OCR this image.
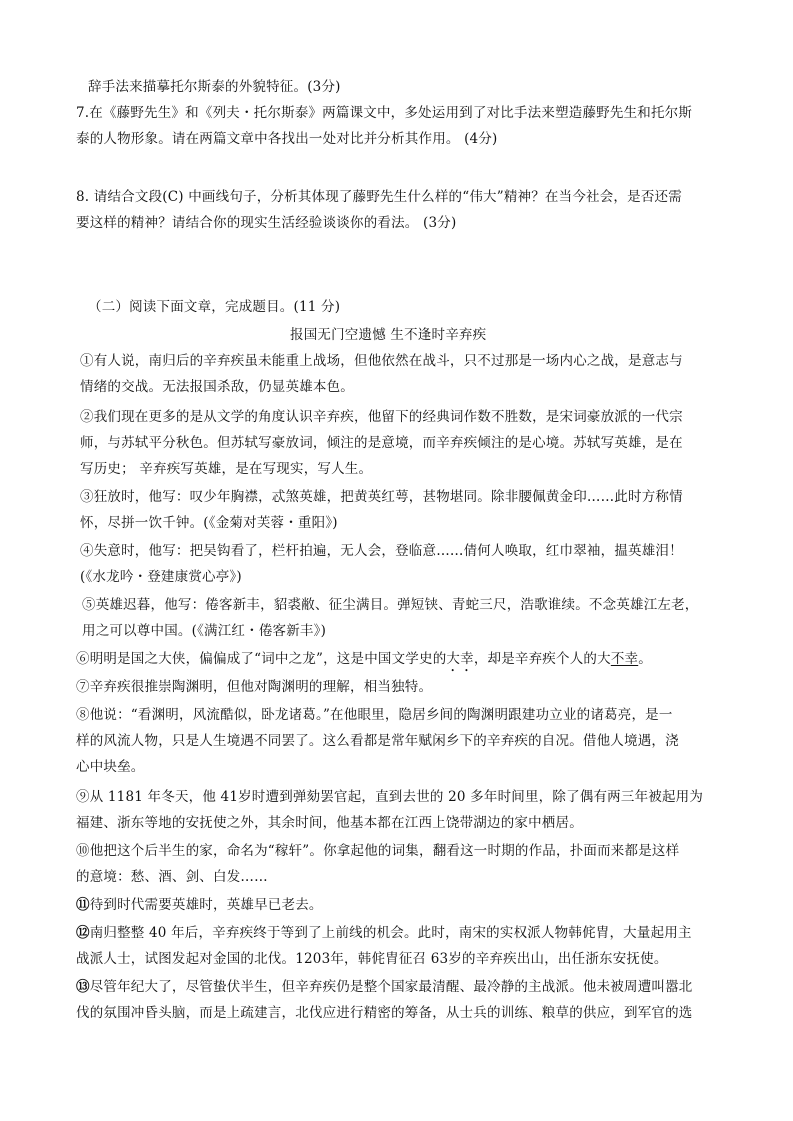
辞手法来描摹托尔斯泰的外貌特征。(3分)
7.在《藤野先生》和《列夫・托尔斯泰》两篇课文中，多处运用到了对比手法来塑造藤野先生和托尔斯
泰的人物形象。请在两篇文章中各找出一处对比并分析其作用。 (4分)
8. 请结合文段(C) 中画线句子，分析其体现了藤野先生什么样的“伟大”精神？在当今社会，是否还需
要这样的精神？请结合你的现实生活经验谈谈你的看法。 (3分)
（二）阅读下面文章，完成题目。(11 分)
报国无门空遗憾 生不逢时辛弃疾
①有人说，南归后的辛弃疾虽未能重上战场，但他依然在战斗，只不过那是一场内心之战，是意志与
情绪的交战。无法报国杀敌，仍显英雄本色。
②我们现在更多的是从文学的角度认识辛弃疾，他留下的经典词作数不胜数，是宋词豪放派的一代宗
师，与苏轼平分秋色。但苏轼写豪放词，倾注的是意境，而辛弃疾倾注的是心境。苏轼写英雄，是在
写历史； 辛弃疾写英雄，是在写现实，写人生。
③狂放时，他写：叹少年胸襟，忒煞英雄，把黄英红萼，甚物堪同。除非腰佩黄金印……此时方称情
怀，尽拼一饮千钟。(《金菊对芙蓉・重阳》)
④失意时，他写：把吴钩看了，栏杆拍遍，无人会，登临意……倩何人唤取，红巾翠袖，揾英雄泪！
(《水龙吟・登建康赏心亭》)
⑤英雄迟暮，他写：倦客新丰，貂裘敝、征尘满目。弹短铗、青蛇三尺，浩歌谁续。不念英雄江左老，
用之可以尊中国。(《满江红・倦客新丰》)
⑥明明是国之大侠，偏偏成了“词中之龙”，这是中国文学史的大幸，却是辛弃疾个人的大不幸。
⑦辛弃疾很推崇陶渊明，但他对陶渊明的理解，相当独特。
⑧他说：“看渊明，风流酷似，卧龙诸葛。”在他眼里，隐居乡间的陶渊明跟建功立业的诸葛亮，是一
样的风流人物，只是人生境遇不同罢了。这么看都是常年赋闲乡下的辛弃疾的自况。借他人境遇，浇
心中块垒。
⑨从 1181 年冬天，他 41岁时遭到弹劾罢官起，直到去世的 20 多年时间里，除了偶有两三年被起用为
福建、浙东等地的安抚使之外，其余时间，他基本都在江西上饶带湖边的家中栖居。
⑩他把这个后半生的家，命名为“稼轩”。你拿起他的词集，翻看这一时期的作品，扑面而来都是这样
的意境：愁、酒、剑、白发……
⑪待到时代需要英雄时，英雄早已老去。
⑫南归整整 40 年后，辛弃疾终于等到了上前线的机会。此时，南宋的实权派人物韩侂胄，大量起用主
战派人士，试图发起对金国的北伐。1203年，韩侂胄征召 63岁的辛弃疾出山，出任浙东安抚使。
⑬尽管年纪大了，尽管蛰伏半生，但辛弃疾仍是整个国家最清醒、最冷静的主战派。他未被周遭叫嚣北
伐的氛围冲昏头脑，而是上疏建言，北伐应进行精密的筹备，从士兵的训练、粮草的供应，到军官的选
